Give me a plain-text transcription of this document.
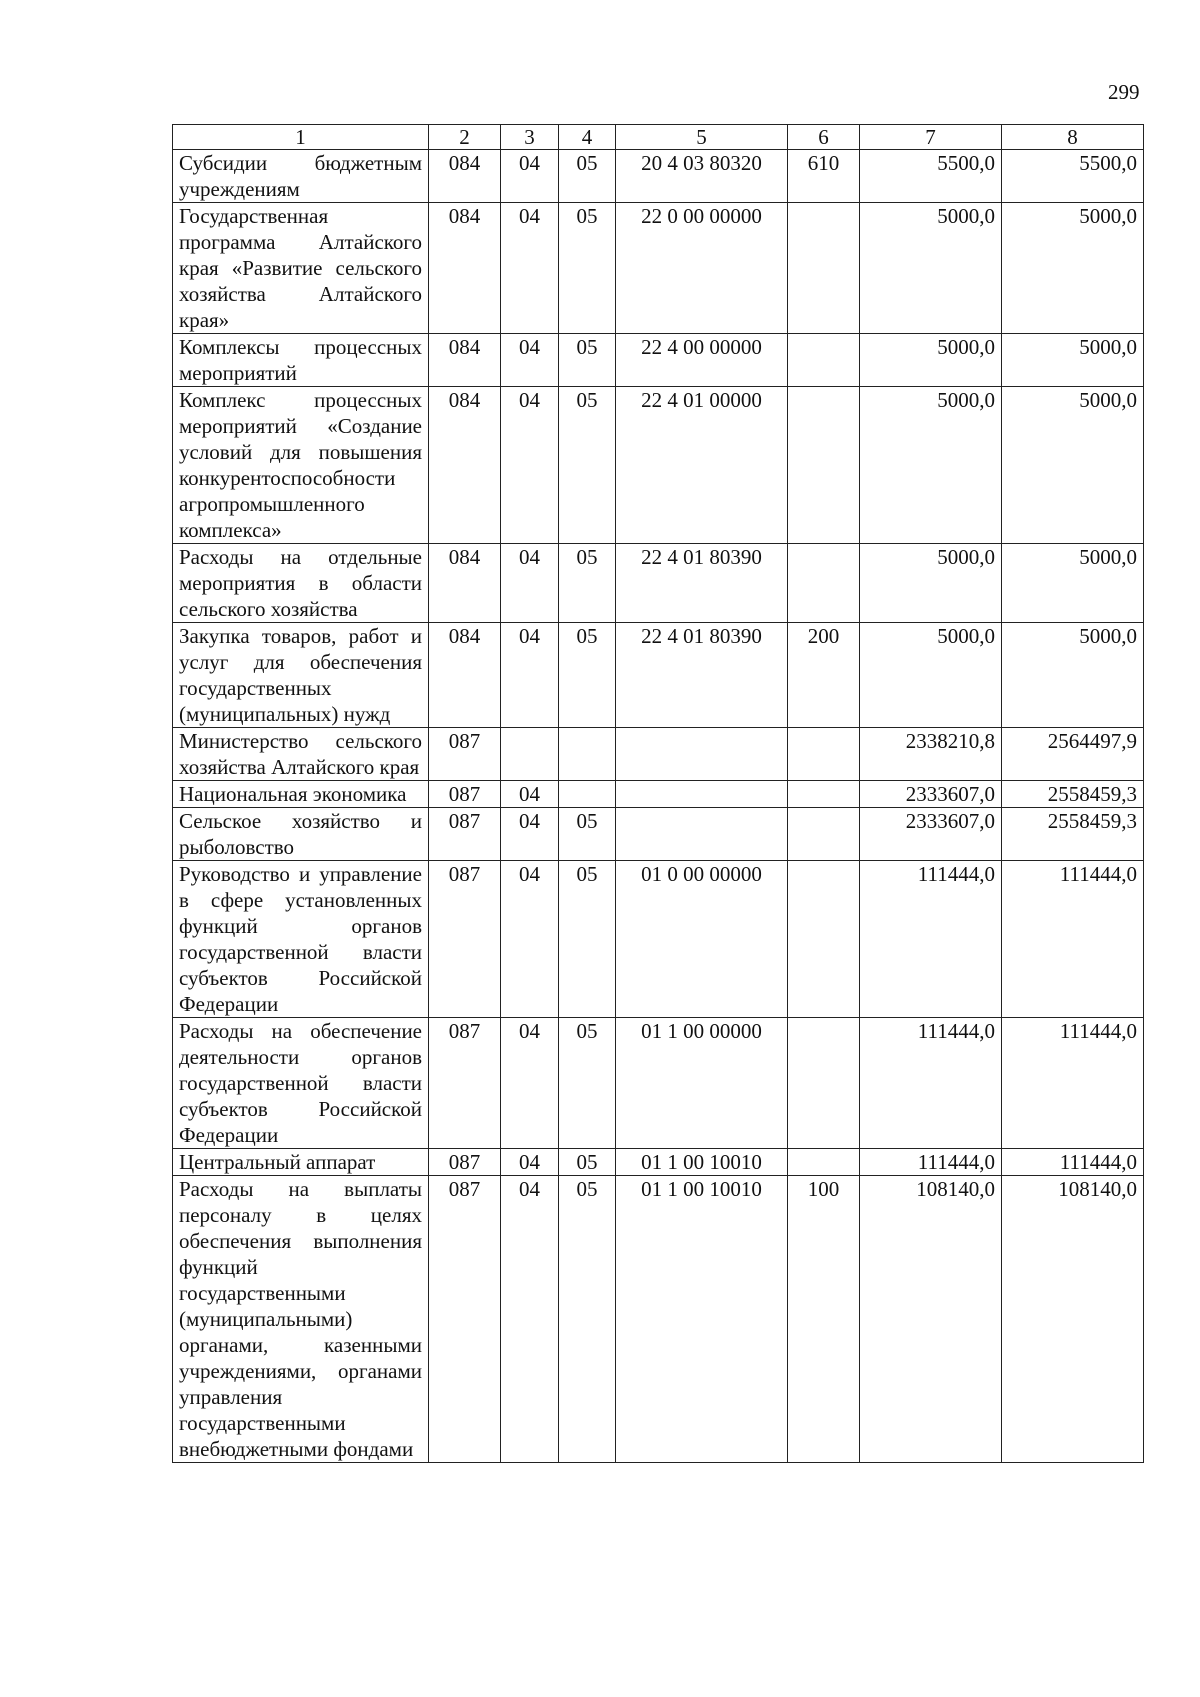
299
1	2	3	4	5	6	7	8
Субсидии бюджетным учреждениям	084	04	05	20 4 03 80320	610	5500,0	5500,0
Государственная программа Алтайского края «Развитие сельского хозяйства Алтайского края»	084	04	05	22 0 00 00000		5000,0	5000,0
Комплексы процессных мероприятий	084	04	05	22 4 00 00000		5000,0	5000,0
Комплекс процессных мероприятий «Создание условий для повышения конкурентоспособности агропромышленного комплекса»	084	04	05	22 4 01 00000		5000,0	5000,0
Расходы на отдельные мероприятия в области сельского хозяйства	084	04	05	22 4 01 80390		5000,0	5000,0
Закупка товаров, работ и услуг для обеспечения государственных (муниципальных) нужд	084	04	05	22 4 01 80390	200	5000,0	5000,0
Министерство сельского хозяйства Алтайского края	087					2338210,8	2564497,9
Национальная экономика	087	04				2333607,0	2558459,3
Сельское хозяйство и рыболовство	087	04	05			2333607,0	2558459,3
Руководство и управление в сфере установленных функций органов государственной власти субъектов Российской Федерации	087	04	05	01 0 00 00000		111444,0	111444,0
Расходы на обеспечение деятельности органов государственной власти субъектов Российской Федерации	087	04	05	01 1 00 00000		111444,0	111444,0
Центральный аппарат	087	04	05	01 1 00 10010		111444,0	111444,0
Расходы на выплаты персоналу в целях обеспечения выполнения функций государственными (муниципальными) органами, казенными учреждениями, органами управления государственными внебюджетными фондами	087	04	05	01 1 00 10010	100	108140,0	108140,0
